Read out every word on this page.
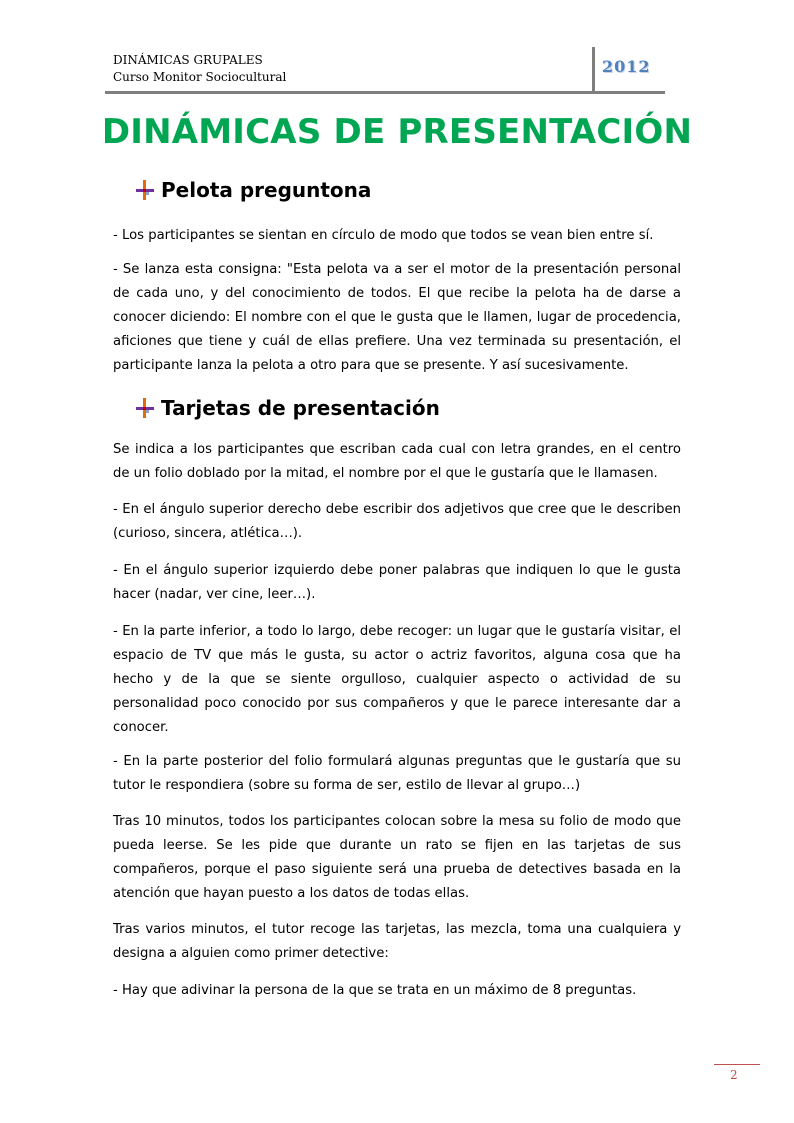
DINÁMICAS GRUPALES
Curso Monitor Sociocultural
2012
DINÁMICAS DE PRESENTACIÓN
Pelota preguntona

- Los participantes se sientan en círculo de modo que todos se vean bien entre sí.

- Se lanza esta consigna: "Esta pelota va a ser el motor de la presentación personal de cada uno, y del conocimiento de todos. El que recibe la pelota ha de darse a conocer diciendo: El nombre con el que le gusta que le llamen, lugar de procedencia, aficiones que tiene y cuál de ellas prefiere. Una vez terminada su presentación, el participante lanza la pelota a otro para que se presente. Y así sucesivamente.

Tarjetas de presentación

Se indica a los participantes que escriban cada cual con letra grandes, en el centro de un folio doblado por la mitad, el nombre por el que le gustaría que le llamasen.

- En el ángulo superior derecho debe escribir dos adjetivos que cree que le describen (curioso, sincera, atlética…).

- En el ángulo superior izquierdo debe poner palabras que indiquen lo que le gusta hacer (nadar, ver cine, leer…).

- En la parte inferior, a todo lo largo, debe recoger: un lugar que le gustaría visitar, el espacio de TV que más le gusta, su actor o actriz favoritos, alguna cosa que ha hecho y de la que se siente orgulloso, cualquier aspecto o actividad de su personalidad poco conocido por sus compañeros y que le parece interesante dar a conocer.

- En la parte posterior del folio formulará algunas preguntas que le gustaría que su tutor le respondiera (sobre su forma de ser, estilo de llevar al grupo…)

Tras 10 minutos, todos los participantes colocan sobre la mesa su folio de modo que pueda leerse. Se les pide que durante un rato se fijen en las tarjetas de sus compañeros, porque el paso siguiente será una prueba de detectives basada en la atención que hayan puesto a los datos de todas ellas.

Tras varios minutos, el tutor recoge las tarjetas, las mezcla, toma una cualquiera y designa a alguien como primer detective:

- Hay que adivinar la persona de la que se trata en un máximo de 8 preguntas.

2
